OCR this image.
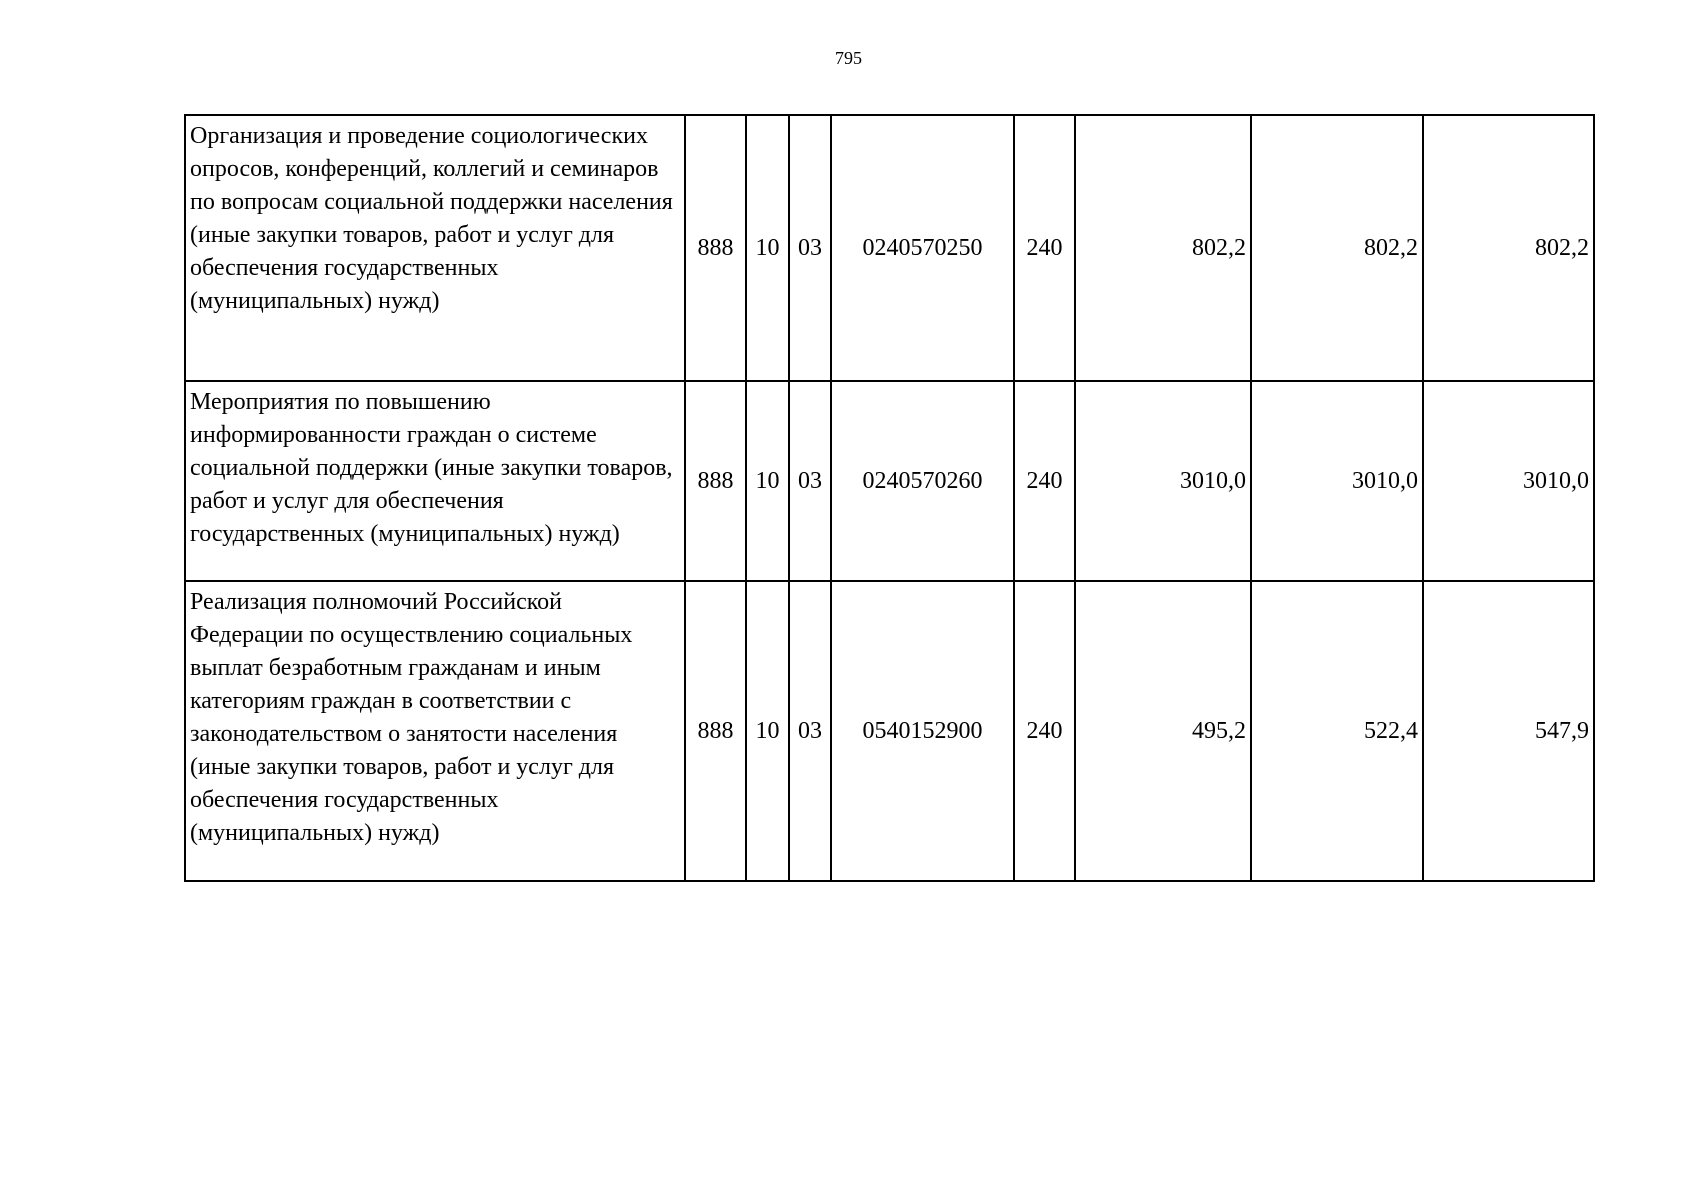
795
Организация и проведение социологических опросов, конференций, коллегий и семинаров по вопросам социальной поддержки населения (иные закупки товаров, работ и услуг для обеспечения государственных (муниципальных) нужд)	888	10	03	0240570250	240	802,2	802,2	802,2
Мероприятия по повышению информированности граждан о системе социальной поддержки (иные закупки товаров, работ и услуг для обеспечения государственных (муниципальных) нужд)	888	10	03	0240570260	240	3010,0	3010,0	3010,0
Реализация полномочий Российской Федерации по осуществлению социальных выплат безработным гражданам и иным категориям граждан в соответствии с законодательством о занятости населения (иные закупки товаров, работ и услуг для обеспечения государственных (муниципальных) нужд)	888	10	03	0540152900	240	495,2	522,4	547,9
